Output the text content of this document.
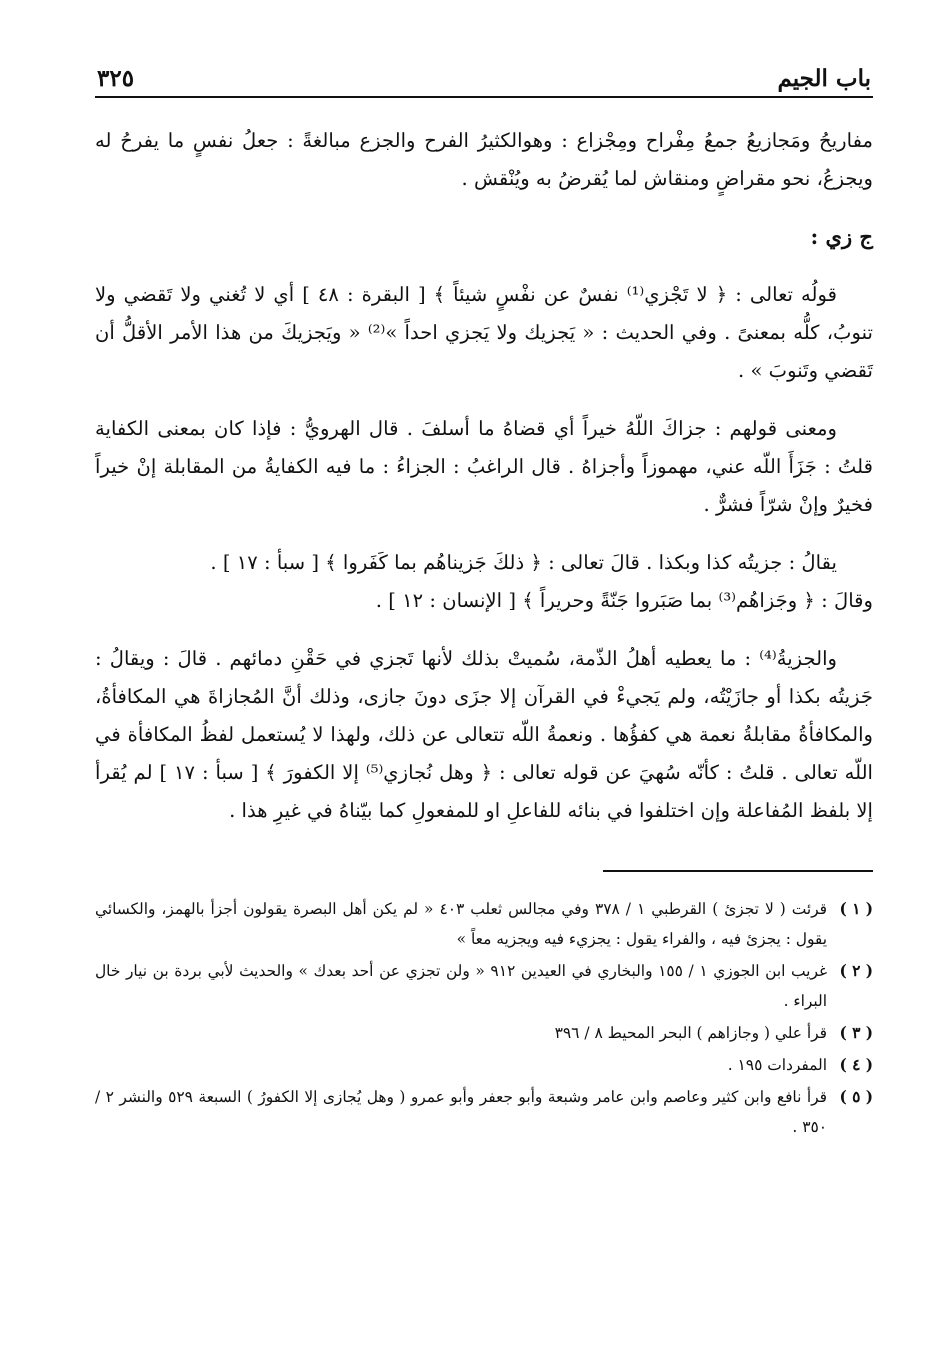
باب الجيم
٣٢٥

مفاريحُ ومَجازيعُ جمعُ مِفْراح ومِجْزاع : وهوالكثيرُ الفرح والجزع مبالغةً : جعلُ نفسٍ ما يفرحُ له ويجزعُ، نحو مقراضٍ ومنقاش لما يُقرضُ به ويُنْقش .

ج زي :

قولُه تعالى : ﴿ لا تَجْزي⁽¹⁾ نفسٌ عن نفْسٍ شيئاً ﴾ [ البقرة : ٤٨ ] أي لا تُغني ولا تَقضي ولا تنوبُ، كلُّه بمعنىً . وفي الحديث : « يَجزيك ولا يَجزي احداً »⁽²⁾ « ويَجزيكَ من هذا الأمر الأقلُّ أن تَقضي وتَنوبَ » .

ومعنى قولهم : جزاكَ اللّهُ خيراً أي قضاهُ ما أسلفَ . قال الهرويُّ : فإذا كان بمعنى الكفاية قلتُ : جَزَأَ اللّه عني، مهموزاً وأجزاهُ . قال الراغبُ : الجزاءُ : ما فيه الكفايةُ من المقابلة إنْ خيراً فخيرٌ وإنْ شرّاً فشرٌّ .

يقالُ : جزيتُه كذا وبكذا . قالَ تعالى : ﴿ ذلكَ جَزيناهُم بما كَفَروا ﴾ [ سبأ : ١٧ ] .

وقالَ : ﴿ وجَزاهُم⁽³⁾ بما صَبَروا جَنّةً وحريراً ﴾ [ الإنسان : ١٢ ] .

والجزيةُ⁽⁴⁾ : ما يعطيه أهلُ الذّمة، سُميتْ بذلك لأنها تَجزي في حَقْنِ دمائهم . قالَ : ويقالُ : جَزيتُه بكذا أو جازَيْتُه، ولم يَجيءْ في القرآن إلا جزَى دونَ جازى، وذلك أنَّ المُجازاةَ هي المكافأةُ، والمكافأةُ مقابلةُ نعمة هي كفؤُها . ونعمةُ اللّه تتعالى عن ذلك، ولهذا لا يُستعمل لفظُ المكافأة في اللّه تعالى . قلتُ : كأنّه سُهيَ عن قوله تعالى : ﴿ وهل نُجازي⁽⁵⁾ إلا الكفورَ ﴾ [ سبأ : ١٧ ] لم يُقرأ إلا بلفظ المُفاعلة وإن اختلفوا في بنائه للفاعلِ او للمفعولِ كما بيّناهُ في غيرِ هذا .

( ١ )
قرئت ( لا تجزئ ) القرطبي ١ / ٣٧٨ وفي مجالس ثعلب ٤٠٣ « لم يكن أهل البصرة يقولون أجزأ بالهمز، والكسائي يقول : يجزئ فيه ، والفراء يقول : يجزيء فيه ويجزيه معاً »
( ٢ )
غريب ابن الجوزي ١ / ١٥٥ والبخاري في العيدين ٩١٢ « ولن تجزي عن أحد بعدك » والحديث لأبي بردة بن نيار خال البراء .
( ٣ )
قرأ علي ( وجازاهم ) البحر المحيط ٨ / ٣٩٦
( ٤ )
المفردات ١٩٥ .
( ٥ )
قرأ نافع وابن كثير وعاصم وابن عامر وشبعة وأبو جعفر وأبو عمرو ( وهل يُجازى إلا الكفورُ ) السبعة ٥٢٩ والنشر ٢ / ٣٥٠ .
